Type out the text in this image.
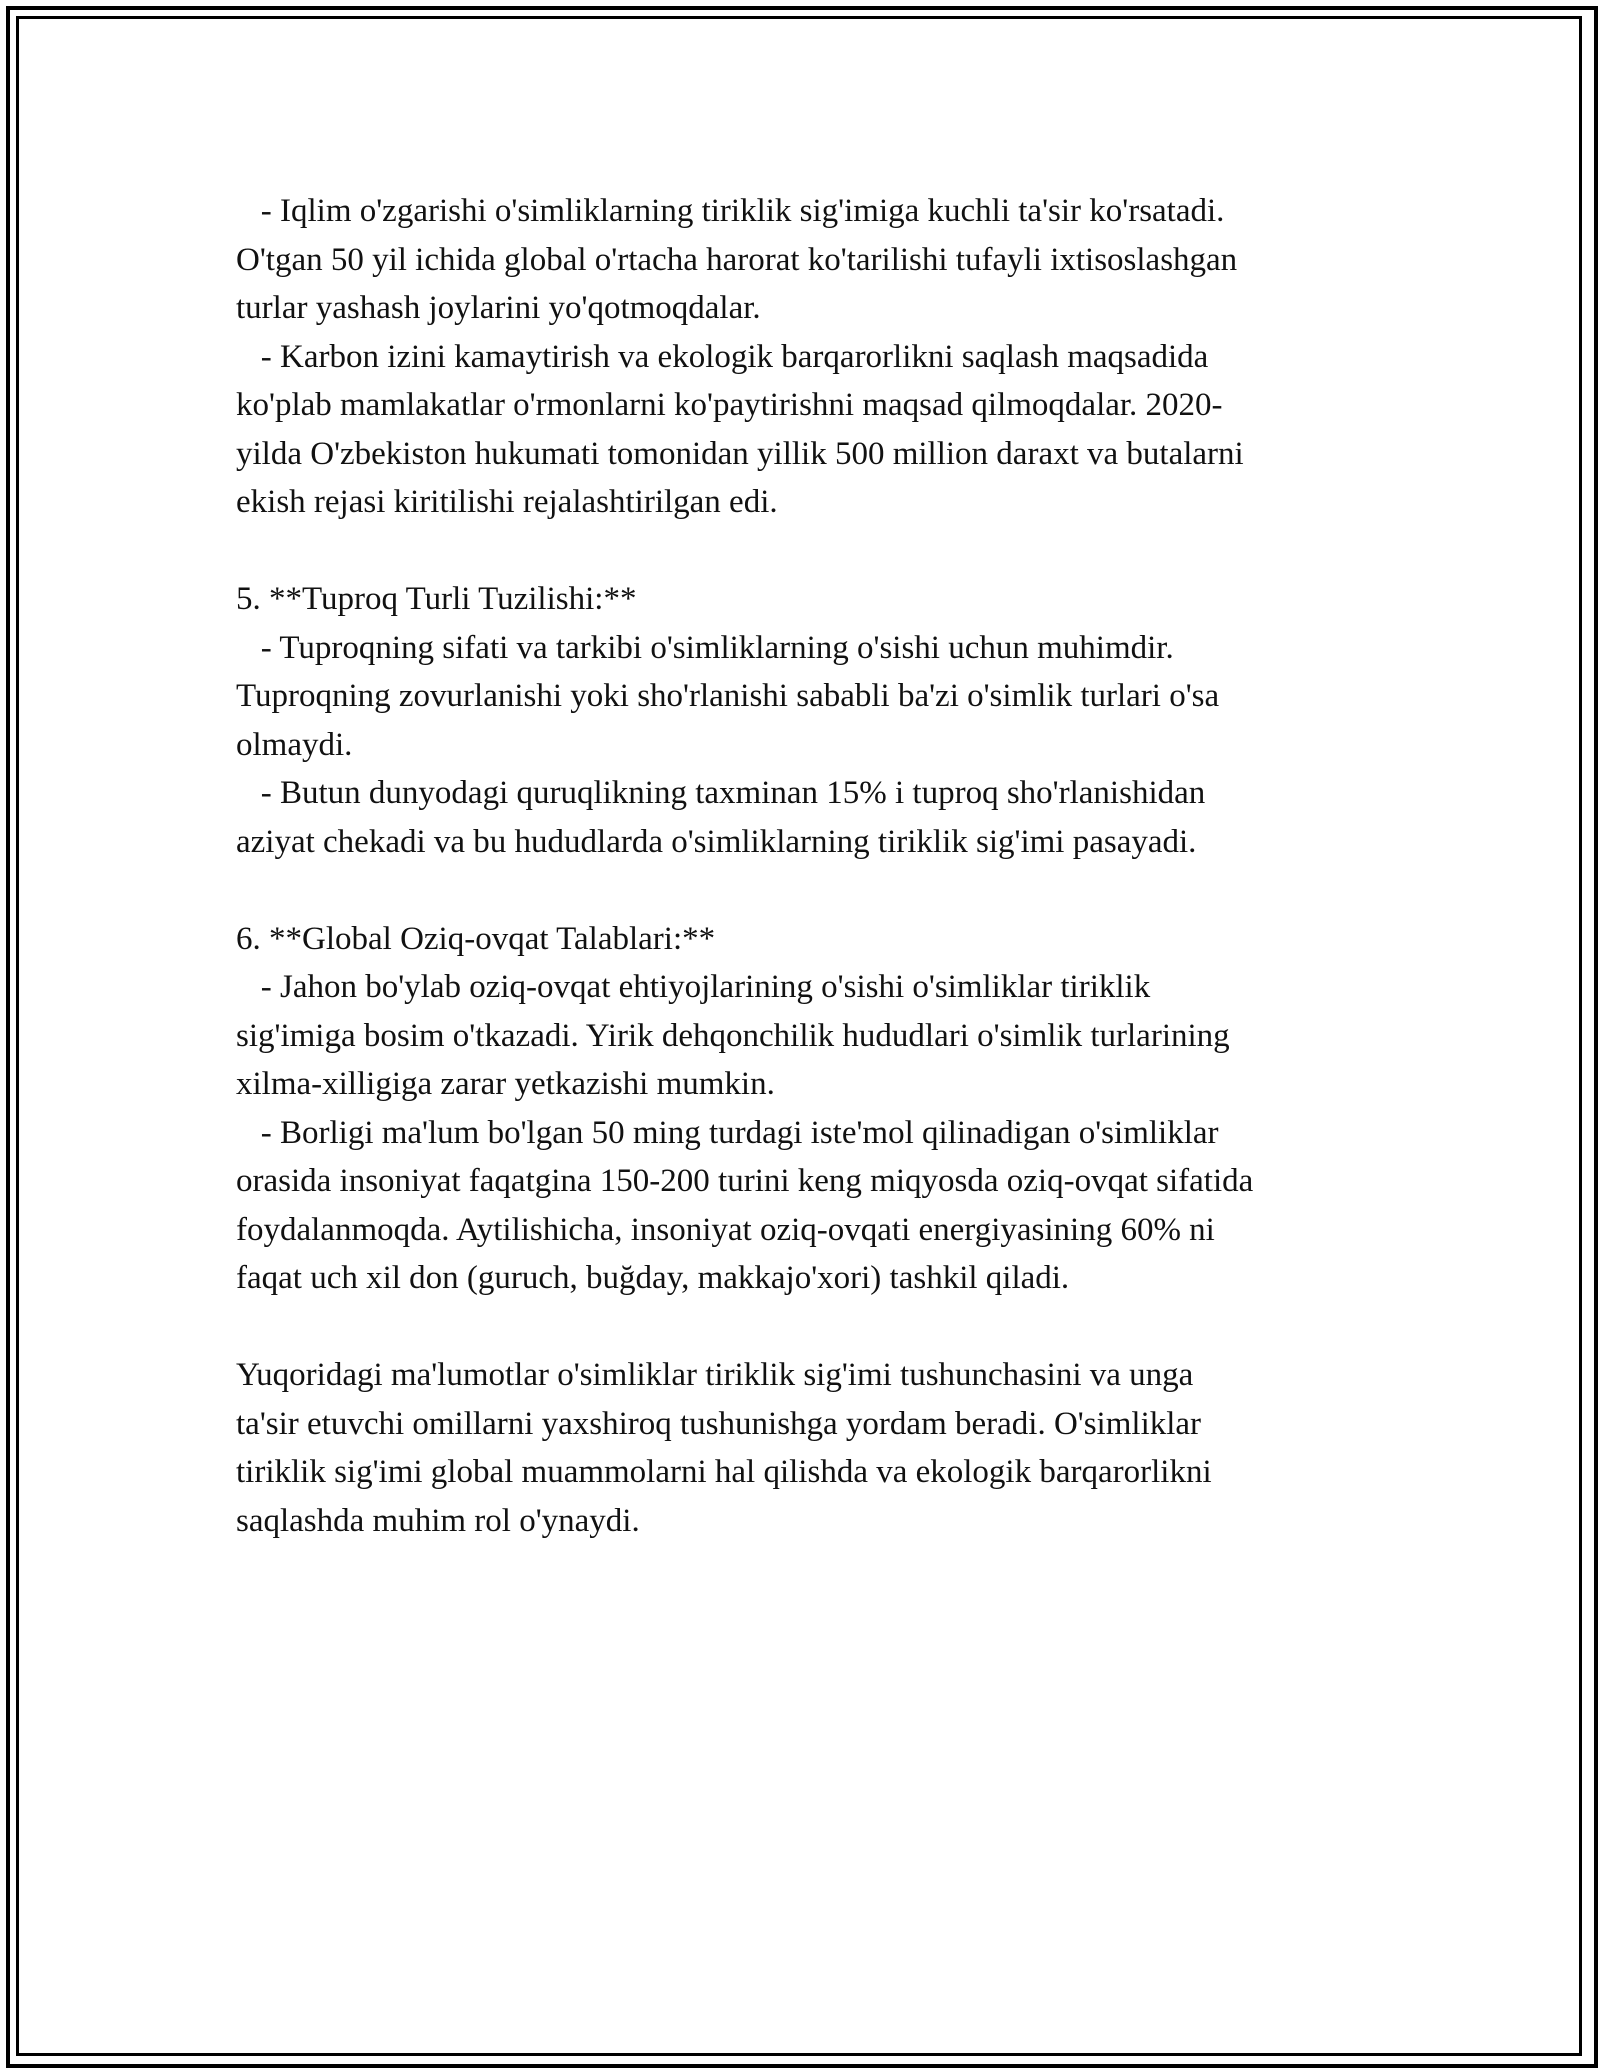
- Iqlim o'zgarishi o'simliklarning tiriklik sig'imiga kuchli ta'sir ko'rsatadi.
O'tgan 50 yil ichida global o'rtacha harorat ko'tarilishi tufayli ixtisoslashgan
turlar yashash joylarini yo'qotmoqdalar.
- Karbon izini kamaytirish va ekologik barqarorlikni saqlash maqsadida
ko'plab mamlakatlar o'rmonlarni ko'paytirishni maqsad qilmoqdalar. 2020-
yilda O'zbekiston hukumati tomonidan yillik 500 million daraxt va butalarni
ekish rejasi kiritilishi rejalashtirilgan edi.
5. **Tuproq Turli Tuzilishi:**
- Tuproqning sifati va tarkibi o'simliklarning o'sishi uchun muhimdir.
Tuproqning zovurlanishi yoki sho'rlanishi sababli ba'zi o'simlik turlari o'sa
olmaydi.
- Butun dunyodagi quruqlikning taxminan 15% i tuproq sho'rlanishidan
aziyat chekadi va bu hududlarda o'simliklarning tiriklik sig'imi pasayadi.
6. **Global Oziq-ovqat Talablari:**
- Jahon bo'ylab oziq-ovqat ehtiyojlarining o'sishi o'simliklar tiriklik
sig'imiga bosim o'tkazadi. Yirik dehqonchilik hududlari o'simlik turlarining
xilma-xilligiga zarar yetkazishi mumkin.
- Borligi ma'lum bo'lgan 50 ming turdagi iste'mol qilinadigan o'simliklar
orasida insoniyat faqatgina 150-200 turini keng miqyosda oziq-ovqat sifatida
foydalanmoqda. Aytilishicha, insoniyat oziq-ovqati energiyasining 60% ni
faqat uch xil don (guruch, buğday, makkajo'xori) tashkil qiladi.
Yuqoridagi ma'lumotlar o'simliklar tiriklik sig'imi tushunchasini va unga
ta'sir etuvchi omillarni yaxshiroq tushunishga yordam beradi. O'simliklar
tiriklik sig'imi global muammolarni hal qilishda va ekologik barqarorlikni
saqlashda muhim rol o'ynaydi.
